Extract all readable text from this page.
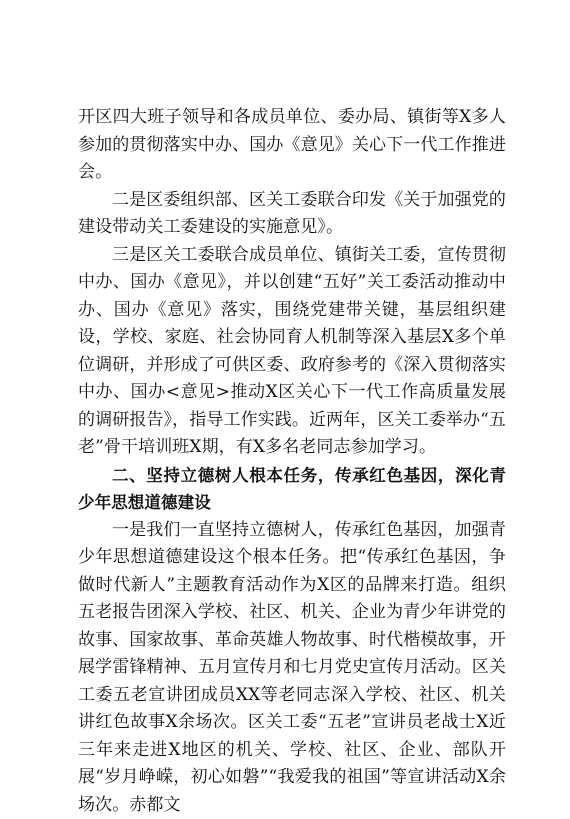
开区四大班子领导和各成员单位、委办局、镇街等X多人参加的贯彻落实中办、国办《意见》关心下一代工作推进会。

二是区委组织部、区关工委联合印发《关于加强党的建设带动关工委建设的实施意见》。

三是区关工委联合成员单位、镇街关工委，宣传贯彻中办、国办《意见》，并以创建“五好”关工委活动推动中办、国办《意见》落实，围绕党建带关键，基层组织建设，学校、家庭、社会协同育人机制等深入基层X多个单位调研，并形成了可供区委、政府参考的《深入贯彻落实中办、国办<意见>推动X区关心下一代工作高质量发展的调研报告》，指导工作实践。近两年，区关工委举办“五老”骨干培训班X期，有X多名老同志参加学习。

二、坚持立德树人根本任务，传承红色基因，深化青少年思想道德建设

一是我们一直坚持立德树人，传承红色基因，加强青少年思想道德建设这个根本任务。把“传承红色基因，争做时代新人”主题教育活动作为X区的品牌来打造。组织五老报告团深入学校、社区、机关、企业为青少年讲党的故事、国家故事、革命英雄人物故事、时代楷模故事，开展学雷锋精神、五月宣传月和七月党史宣传月活动。区关工委五老宣讲团成员XX等老同志深入学校、社区、机关讲红色故事X余场次。区关工委“五老”宣讲员老战士X近三年来走进X地区的机关、学校、社区、企业、部队开展“岁月峥嵘，初心如磐”“我爱我的祖国”等宣讲活动X余场次。赤都文
